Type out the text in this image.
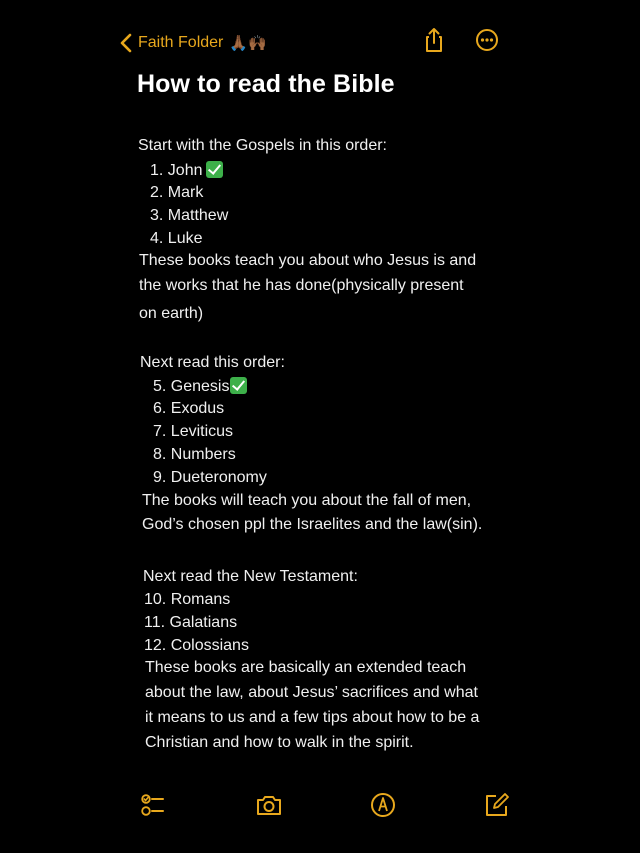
Faith Folder 🙏🏾🙌🏾
How to read the Bible
Start with the Gospels in this order:
1. John
2. Mark
3. Matthew
4. Luke
These books teach you about who Jesus is and
the works that he has done(physically present
on earth)
Next read this order:
5. Genesis
6. Exodus
7. Leviticus
8. Numbers
9. Dueteronomy
The books will teach you about the fall of men,
God’s chosen ppl the Israelites and the law(sin).
Next read the New Testament:
10. Romans
11. Galatians
12. Colossians
These books are basically an extended teach
about the law, about Jesus’ sacrifices and what
it means to us and a few tips about how to be a
Christian and how to walk in the spirit.
